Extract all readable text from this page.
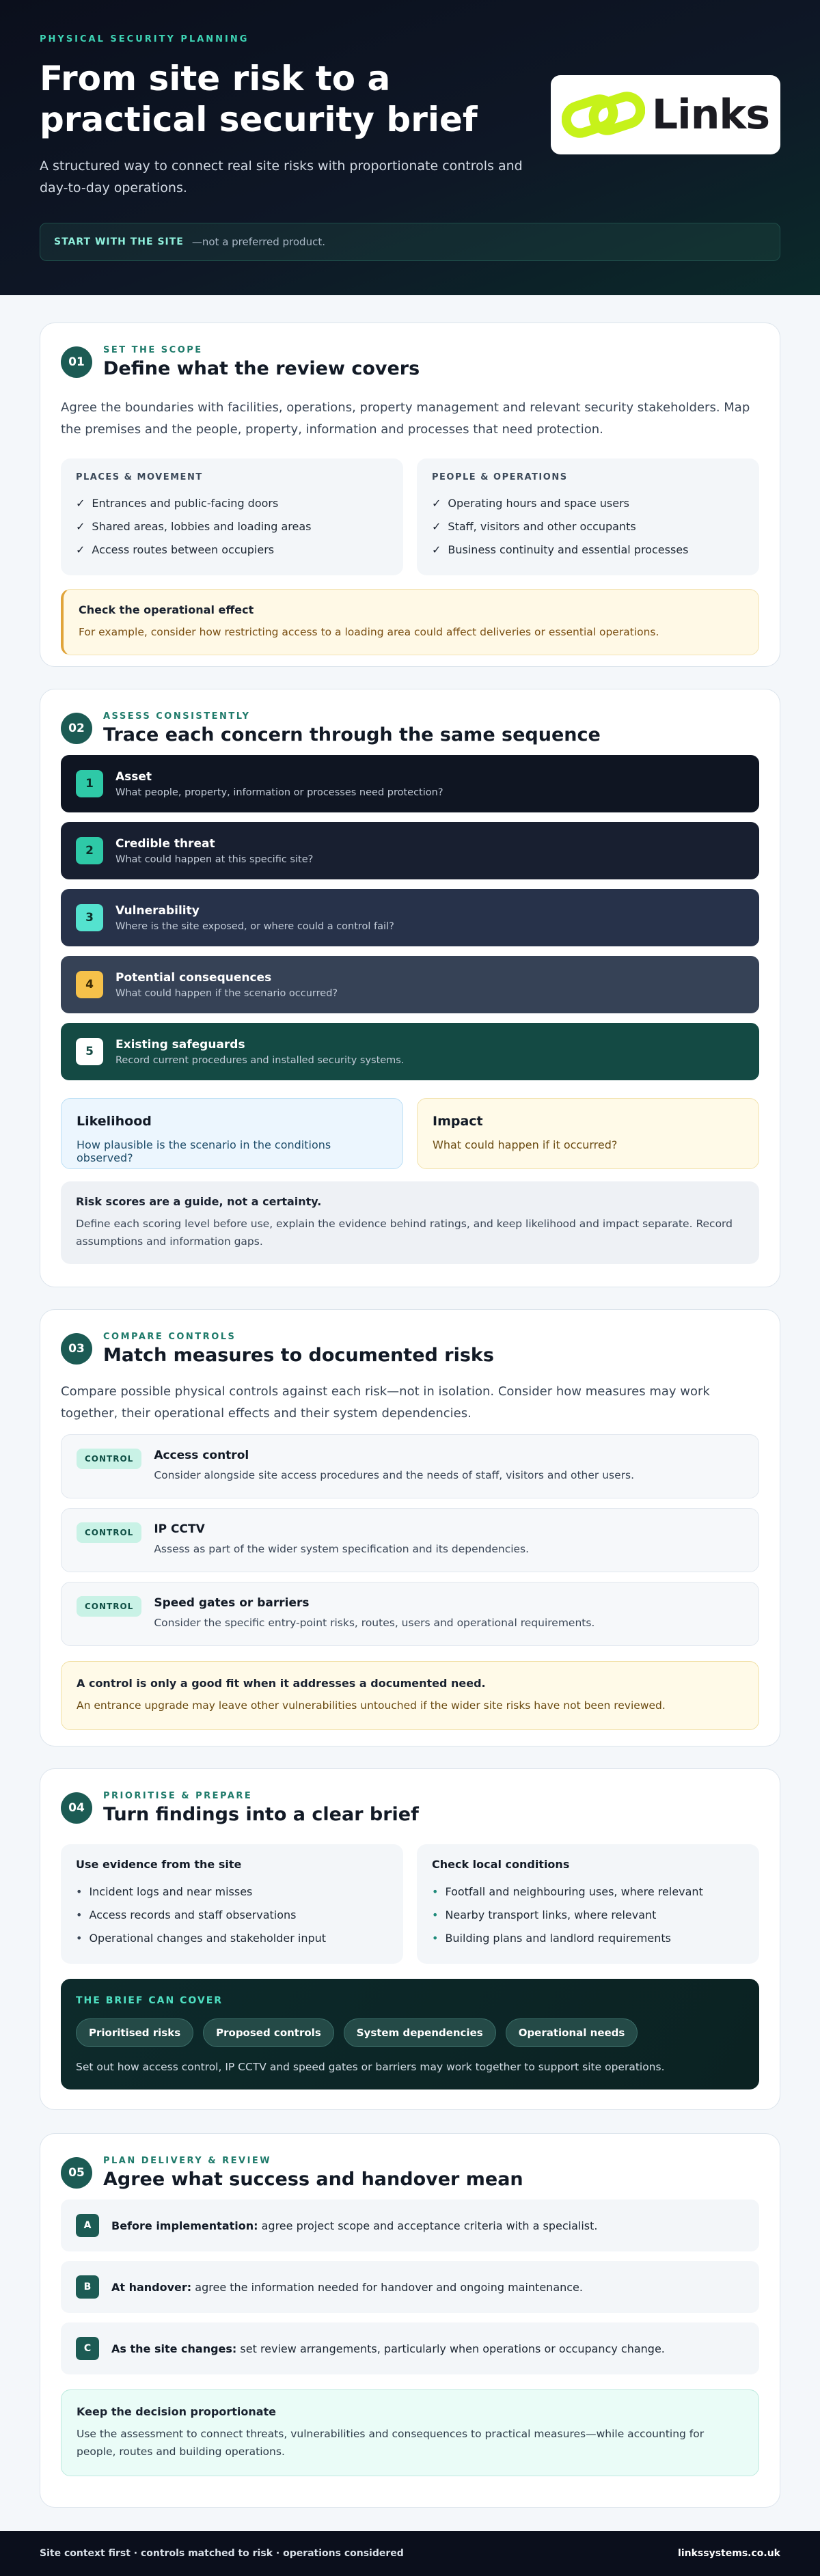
PHYSICAL SECURITY PLANNING
From site risk to a practical security brief

A structured way to connect real site risks with proportionate controls and day-to-day operations.

Links
START WITH THE SITE —not a preferred product.
01
SET THE SCOPE
Define what the review covers

Agree the boundaries with facilities, operations, property management and relevant security stakeholders. Map the premises and the people, property, information and processes that need protection.

PLACES & MOVEMENT
✓ Entrances and public-facing doors
✓ Shared areas, lobbies and loading areas
✓ Access routes between occupiers
PEOPLE & OPERATIONS
✓ Operating hours and space users
✓ Staff, visitors and other occupants
✓ Business continuity and essential processes
Check the operational effect
For example, consider how restricting access to a loading area could affect deliveries or essential operations.
02
ASSESS CONSISTENTLY
Trace each concern through the same sequence
1
Asset
What people, property, information or processes need protection?
2
Credible threat
What could happen at this specific site?
3
Vulnerability
Where is the site exposed, or where could a control fail?
4
Potential consequences
What could happen if the scenario occurred?
5
Existing safeguards
Record current procedures and installed security systems.
Likelihood
How plausible is the scenario in the conditions observed?
Impact
What could happen if it occurred?
Risk scores are a guide, not a certainty.
Define each scoring level before use, explain the evidence behind ratings, and keep likelihood and impact separate. Record assumptions and information gaps.
03
COMPARE CONTROLS
Match measures to documented risks

Compare possible physical controls against each risk—not in isolation. Consider how measures may work together, their operational effects and their system dependencies.

CONTROL	Access control
Consider alongside site access procedures and the needs of staff, visitors and other users.
CONTROL	IP CCTV
Assess as part of the wider system specification and its dependencies.
CONTROL	Speed gates or barriers
Consider the specific entry-point risks, routes, users and operational requirements.
A control is only a good fit when it addresses a documented need.
An entrance upgrade may leave other vulnerabilities untouched if the wider site risks have not been reviewed.
04
PRIORITISE & PREPARE
Turn findings into a clear brief
Use evidence from the site
• Incident logs and near misses
• Access records and staff observations
• Operational changes and stakeholder input
Check local conditions
• Footfall and neighbouring uses, where relevant
• Nearby transport links, where relevant
• Building plans and landlord requirements
THE BRIEF CAN COVER
Prioritised risks	Proposed controls	System dependencies	Operational needs
Set out how access control, IP CCTV and speed gates or barriers may work together to support site operations.
05
PLAN DELIVERY & REVIEW
Agree what success and handover mean
A	Before implementation: agree project scope and acceptance criteria with a specialist.
B	At handover: agree the information needed for handover and ongoing maintenance.
C	As the site changes: set review arrangements, particularly when operations or occupancy change.
Keep the decision proportionate
Use the assessment to connect threats, vulnerabilities and consequences to practical measures—while accounting for people, routes and building operations.
Site context first · controls matched to risk · operations considered	linkssystems.co.uk
